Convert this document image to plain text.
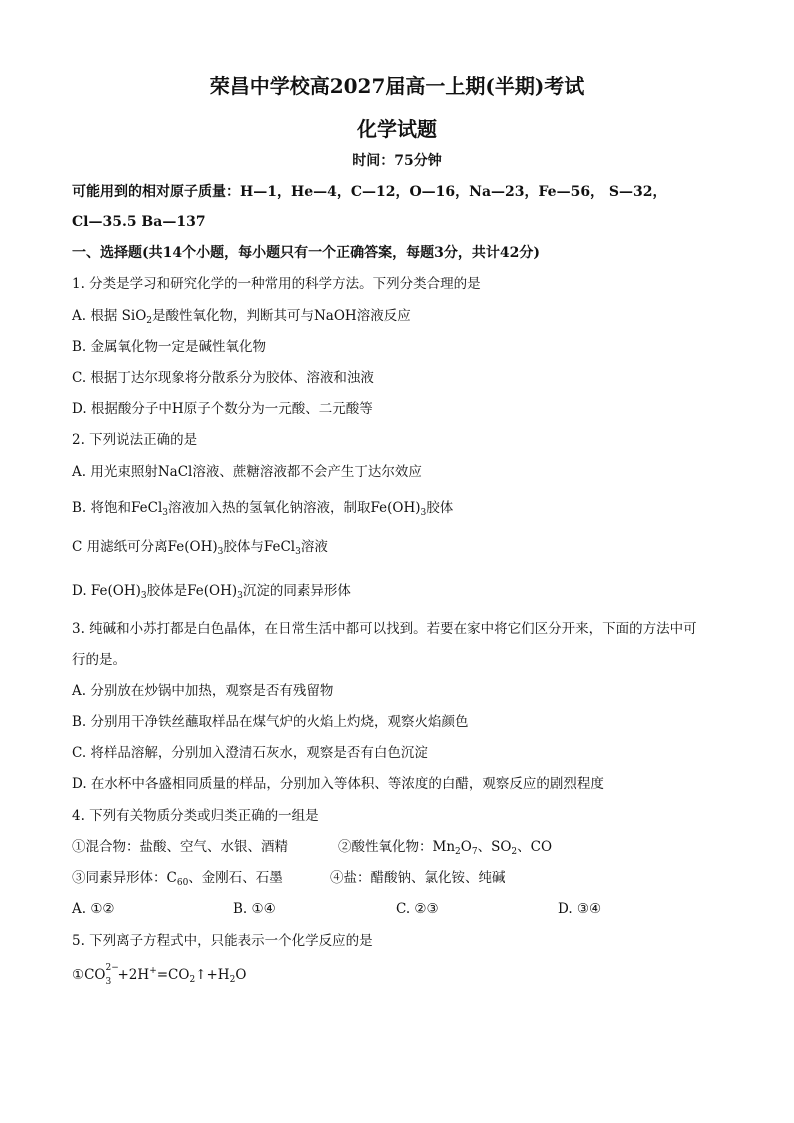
荣昌中学校高2027届高一上期(半期)考试
化学试题
时间：75分钟
可能用到的相对原子质量：H—1，He—4，C—12，O—16，Na—23，Fe—56， S—32，
Cl—35.5 Ba—137
一、选择题(共14个小题，每小题只有一个正确答案，每题3分，共计42分)
1. 分类是学习和研究化学的一种常用的科学方法。下列分类合理的是
A. 根据 SiO$_2$是酸性氧化物，判断其可与NaOH溶液反应
B. 金属氧化物一定是碱性氧化物
C. 根据丁达尔现象将分散系分为胶体、溶液和浊液
D. 根据酸分子中H原子个数分为一元酸、二元酸等
2. 下列说法正确的是
A. 用光束照射NaCl溶液、蔗糖溶液都不会产生丁达尔效应
B. 将饱和FeCl$_3$溶液加入热的氢氧化钠溶液，制取$Fe(OH)_3$胶体
C 用滤纸可分离$Fe(OH)_3$胶体与FeCl$_3$溶液
D. $Fe(OH)_3$胶体是$Fe(OH)_3$沉淀的同素异形体
3. 纯碱和小苏打都是白色晶体，在日常生活中都可以找到。若要在家中将它们区分开来，下面的方法中可
行的是。
A. 分别放在炒锅中加热，观察是否有残留物
B. 分别用干净铁丝蘸取样品在煤气炉的火焰上灼烧，观察火焰颜色
C. 将样品溶解，分别加入澄清石灰水，观察是否有白色沉淀
D. 在水杯中各盛相同质量的样品，分别加入等体积、等浓度的白醋，观察反应的剧烈程度
4. 下列有关物质分类或归类正确的一组是
①混合物：盐酸、空气、水银、酒精	②酸性氧化物：$Mn_2O_7$、$SO_2$、CO
③同素异形体：$C_{60}$、金刚石、石墨	④盐：醋酸钠、氯化铵、纯碱
A. ①②	B. ①④	C. ②③	D. ③④
5. 下列离子方程式中，只能表示一个化学反应的是
①CO 2−
$3 +2H^+=CO_2↑+H_2O$
